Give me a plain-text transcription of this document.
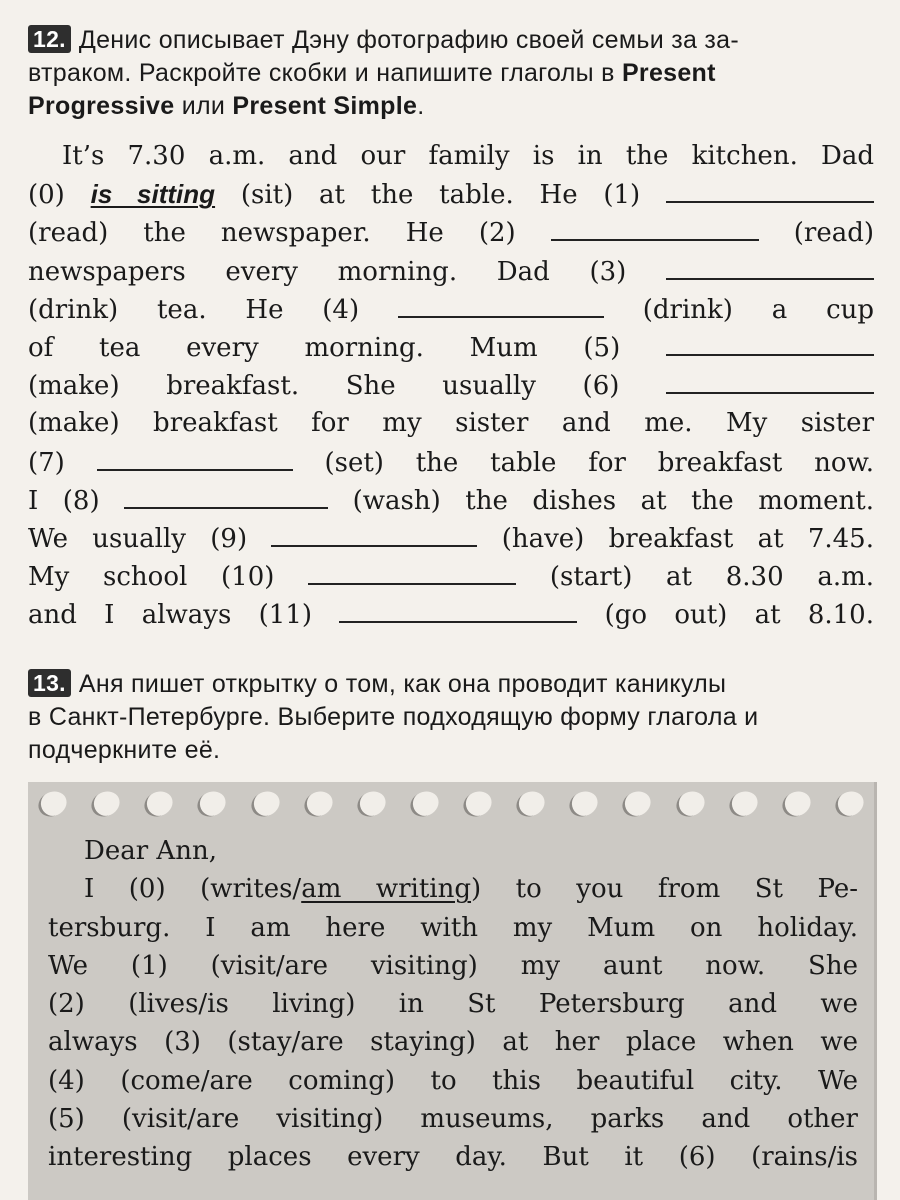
12. Денис описывает Дэну фотографию своей семьи за за-
втраком. Раскройте скобки и напишите глаголы в Present
Progressive или Present Simple.
It’s 7.30 a.m. and our family is in the kitchen. Dad
(0) is sitting (sit) at the table. He (1)
(read) the newspaper. He (2)	(read)
newspapers every morning. Dad (3)
(drink) tea. He (4)	(drink) a cup
of tea every morning. Mum (5)
(make) breakfast. She usually (6)
(make) breakfast for my sister and me. My sister
(7)	(set) the table for breakfast now.
I (8)	(wash) the dishes at the moment.
We usually (9)	(have) breakfast at 7.45.
My school (10)	(start) at 8.30 a.m.
and I always (11)	(go out) at 8.10.
13. Аня пишет открытку о том, как она проводит каникулы
в Санкт-Петербурге. Выберите подходящую форму глагола и
подчеркните её.
Dear Ann,
I (0) (writes/am writing) to you from St Pe-
tersburg. I am here with my Mum on holiday.
We (1) (visit/are visiting) my aunt now. She
(2) (lives/is living) in St Petersburg and we
always (3) (stay/are staying) at her place when we
(4) (come/are coming) to this beautiful city. We
(5) (visit/are visiting) museums, parks and other
interesting places every day. But it (6) (rains/is
